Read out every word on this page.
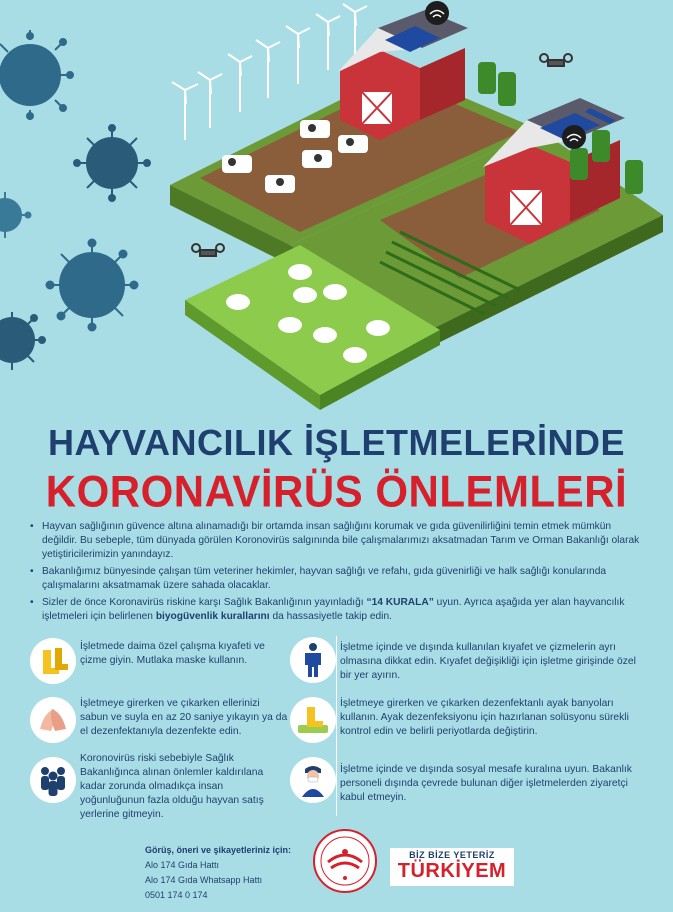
HAYVANCILIK İŞLETMELERİNDE
KORONAVİRÜS ÖNLEMLERİ
• Hayvan sağlığının güvence altına alınamadığı bir ortamda insan sağlığını korumak ve gıda güvenilirliğini temin etmek mümkün değildir. Bu sebeple, tüm dünyada görülen Koronovirüs salgınında bile çalışmalarımızı aksatmadan Tarım ve Orman Bakanlığı olarak yetiştiricilerimizin yanındayız.
• Bakanlığımız bünyesinde çalışan tüm veteriner hekimler, hayvan sağlığı ve refahı, gıda güvenirliği ve halk sağlığı konularında çalışmalarını aksatmamak üzere sahada olacaklar.
• Sizler de önce Koronavirüs riskine karşı Sağlık Bakanlığının yayınladığı “14 KURALA” uyun. Ayrıca aşağıda yer alan hayvancılık işletmeleri için belirlenen biyogüvenlik kurallarını da hassasiyetle takip edin.
İşletmede daima özel çalışma kıyafeti ve çizme giyin. Mutlaka maske kullanın.
İşletmeye girerken ve çıkarken ellerinizi sabun ve suyla en az 20 saniye yıkayın ya da el dezenfektanıyla dezenfekte edin.
Koronovirüs riski sebebiyle Sağlık Bakanlığınca alınan önlemler kaldırılana kadar zorunda olmadıkça insan yoğunluğunun fazla olduğu hayvan satış yerlerine gitmeyin.
İşletme içinde ve dışında kullanılan kıyafet ve çizmelerin ayrı olmasına dikkat edin. Kıyafet değişikliği için işletme girişinde özel bir yer ayırın.
İşletmeye girerken ve çıkarken dezenfektanlı ayak banyoları kullanın. Ayak dezenfeksiyonu için hazırlanan solüsyonu sürekli kontrol edin ve belirli periyotlarda değiştirin.
İşletme içinde ve dışında sosyal mesafe kuralına uyun. Bakanlık personeli dışında çevrede bulunan diğer işletmelerden ziyaretçi kabul etmeyin.
Görüş, öneri ve şikayetleriniz için:
Alo 174 Gıda Hattı
Alo 174 Gıda Whatsapp Hattı
0501 174 0 174
BİZ BİZE YETERİZ
TÜRKİYEM
